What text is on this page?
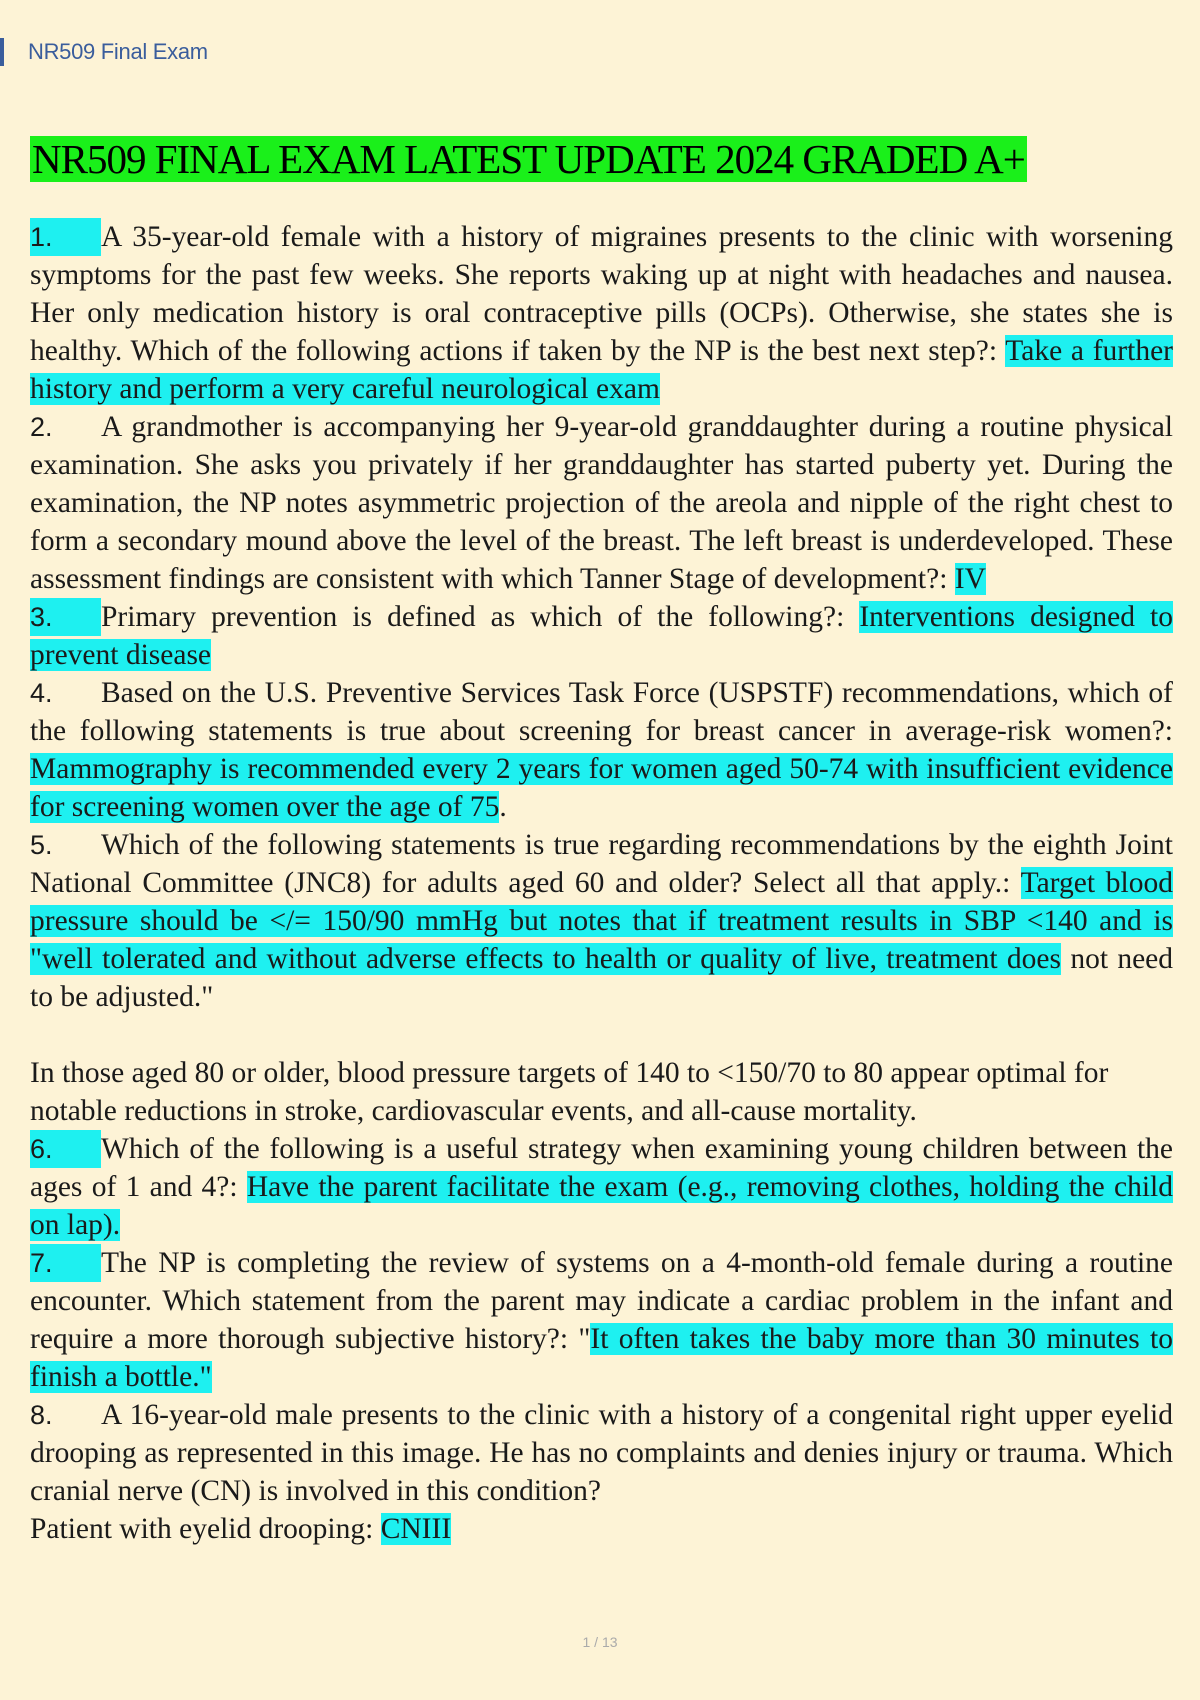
NR509 Final Exam
NR509 FINAL EXAM LATEST UPDATE 2024 GRADED A+

1. A 35-year-old female with a history of migraines presents to the clinic with worsening symptoms for the past few weeks. She reports waking up at night with headaches and nausea. Her only medication history is oral contraceptive pills (OCPs). Otherwise, she states she is healthy. Which of the following actions if taken by the NP is the best next step?: Take a further history and perform a very careful neurological exam

2. A grandmother is accompanying her 9-year-old granddaughter during a routine physical examination. She asks you privately if her granddaughter has started puberty yet. During the examination, the NP notes asymmetric projection of the areola and nipple of the right chest to form a secondary mound above the level of the breast. The left breast is underdeveloped. These assessment findings are consistent with which Tanner Stage of development?: IV

3. Primary prevention is defined as which of the following?: Interventions designed to prevent disease

4. Based on the U.S. Preventive Services Task Force (USPSTF) recommendations, which of the following statements is true about screening for breast cancer in average-risk women?: Mammography is recommended every 2 years for women aged 50-74 with insufficient evidence for screening women over the age of 75.

5. Which of the following statements is true regarding recommendations by the eighth Joint National Committee (JNC8) for adults aged 60 and older? Select all that apply.: Target blood pressure should be </= 150/90 mmHg but notes that if treatment results in SBP <140 and is "well tolerated and without adverse effects to health or quality of live, treatment does not need to be adjusted."

In those aged 80 or older, blood pressure targets of 140 to <150/70 to 80 appear optimal for notable reductions in stroke, cardiovascular events, and all-cause mortality.

6. Which of the following is a useful strategy when examining young children between the ages of 1 and 4?: Have the parent facilitate the exam (e.g., removing clothes, holding the child on lap).

7. The NP is completing the review of systems on a 4-month-old female during a routine encounter. Which statement from the parent may indicate a cardiac problem in the infant and require a more thorough subjective history?: "It often takes the baby more than 30 minutes to finish a bottle."

8. A 16-year-old male presents to the clinic with a history of a congenital right upper eyelid drooping as represented in this image. He has no complaints and denies injury or trauma. Which cranial nerve (CN) is involved in this condition?

Patient with eyelid drooping: CNIII

1 / 13
